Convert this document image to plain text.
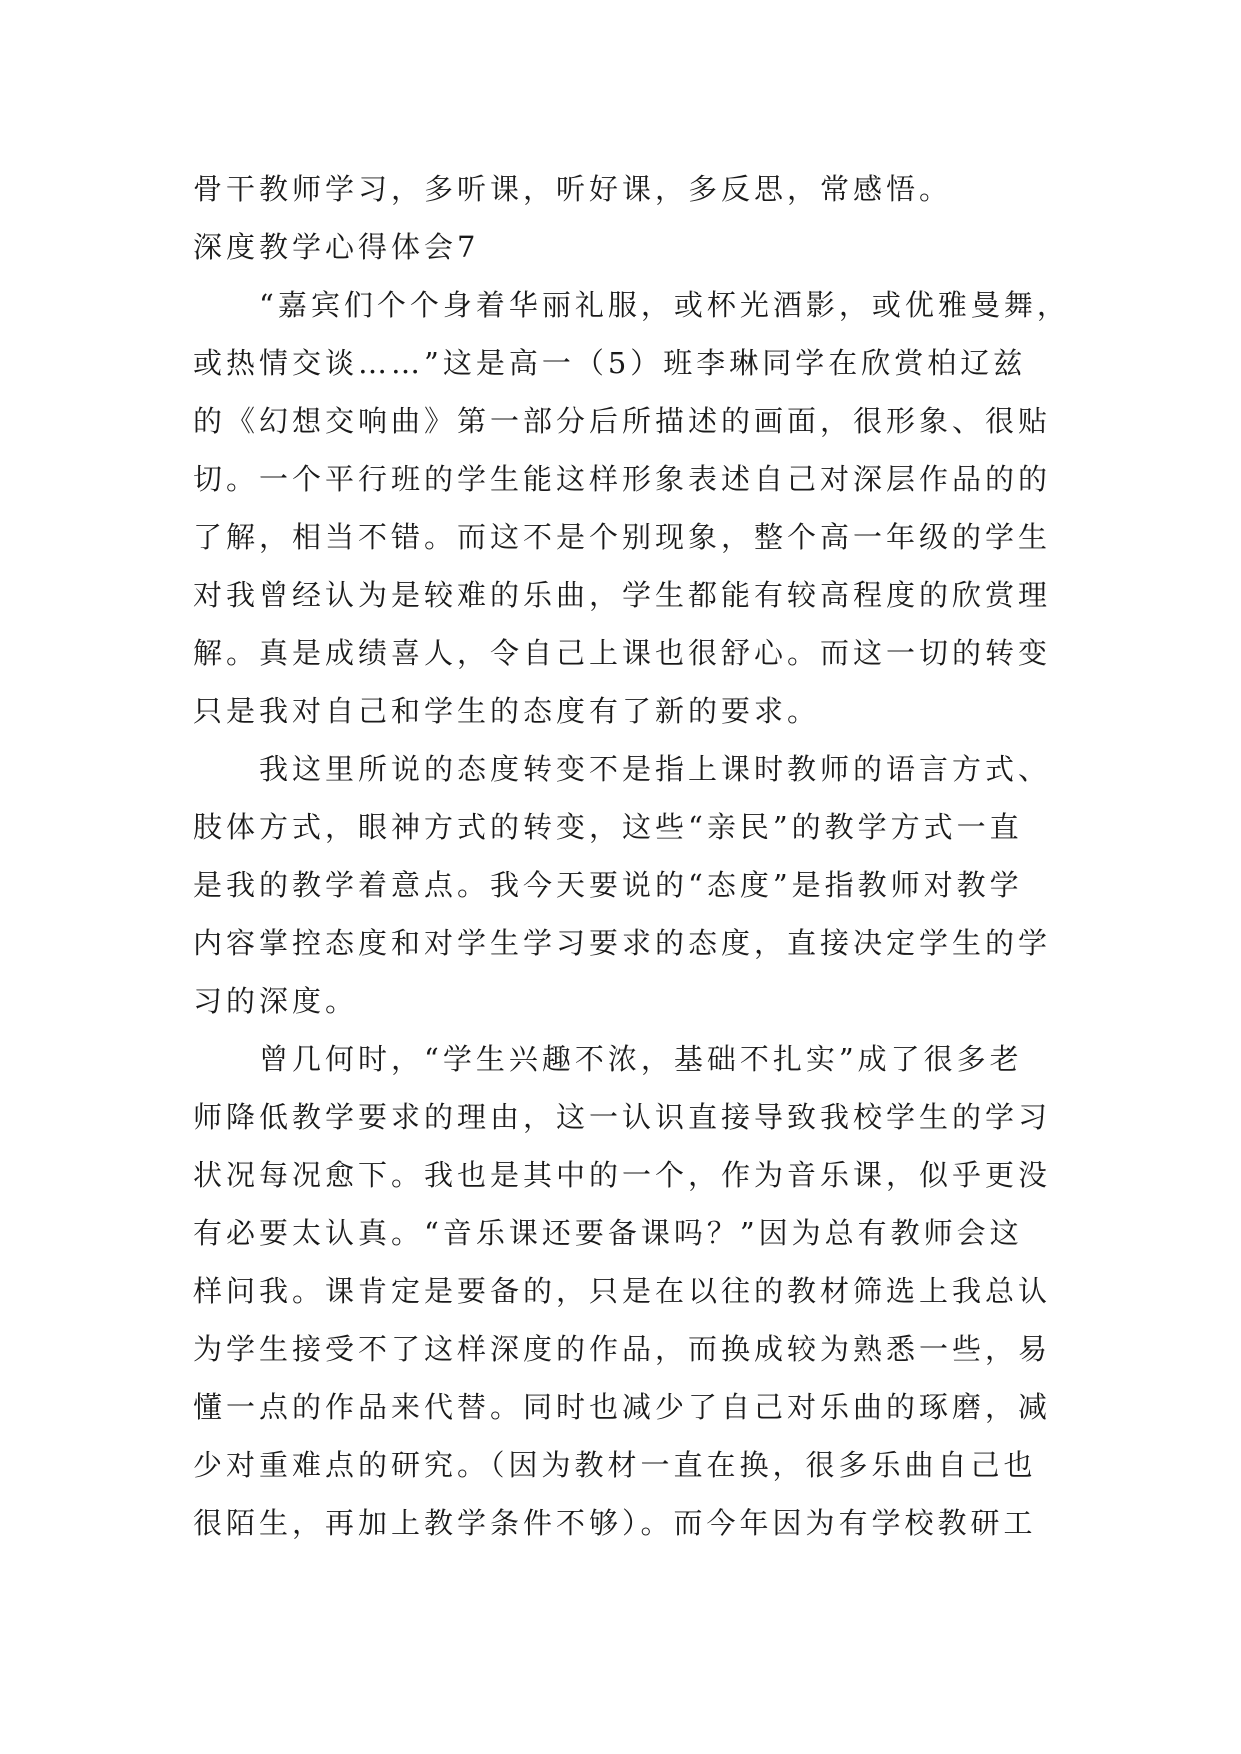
骨干教师学习，多听课，听好课，多反思，常感悟。
深度教学心得体会7
　　“嘉宾们个个身着华丽礼服，或杯光酒影，或优雅曼舞，
或热情交谈……”这是高一（5）班李琳同学在欣赏柏辽兹
的《幻想交响曲》第一部分后所描述的画面，很形象、很贴
切。一个平行班的学生能这样形象表述自己对深层作品的的
了解，相当不错。而这不是个别现象，整个高一年级的学生
对我曾经认为是较难的乐曲，学生都能有较高程度的欣赏理
解。真是成绩喜人，令自己上课也很舒心。而这一切的转变
只是我对自己和学生的态度有了新的要求。
　　我这里所说的态度转变不是指上课时教师的语言方式、
肢体方式，眼神方式的转变，这些“亲民”的教学方式一直
是我的教学着意点。我今天要说的“态度”是指教师对教学
内容掌控态度和对学生学习要求的态度，直接决定学生的学
习的深度。
　　曾几何时，“学生兴趣不浓，基础不扎实”成了很多老
师降低教学要求的理由，这一认识直接导致我校学生的学习
状况每况愈下。我也是其中的一个，作为音乐课，似乎更没
有必要太认真。“音乐课还要备课吗？”因为总有教师会这
样问我。课肯定是要备的，只是在以往的教材筛选上我总认
为学生接受不了这样深度的作品，而换成较为熟悉一些，易
懂一点的作品来代替。同时也减少了自己对乐曲的琢磨，减
少对重难点的研究。（因为教材一直在换，很多乐曲自己也
很陌生，再加上教学条件不够）。而今年因为有学校教研工
